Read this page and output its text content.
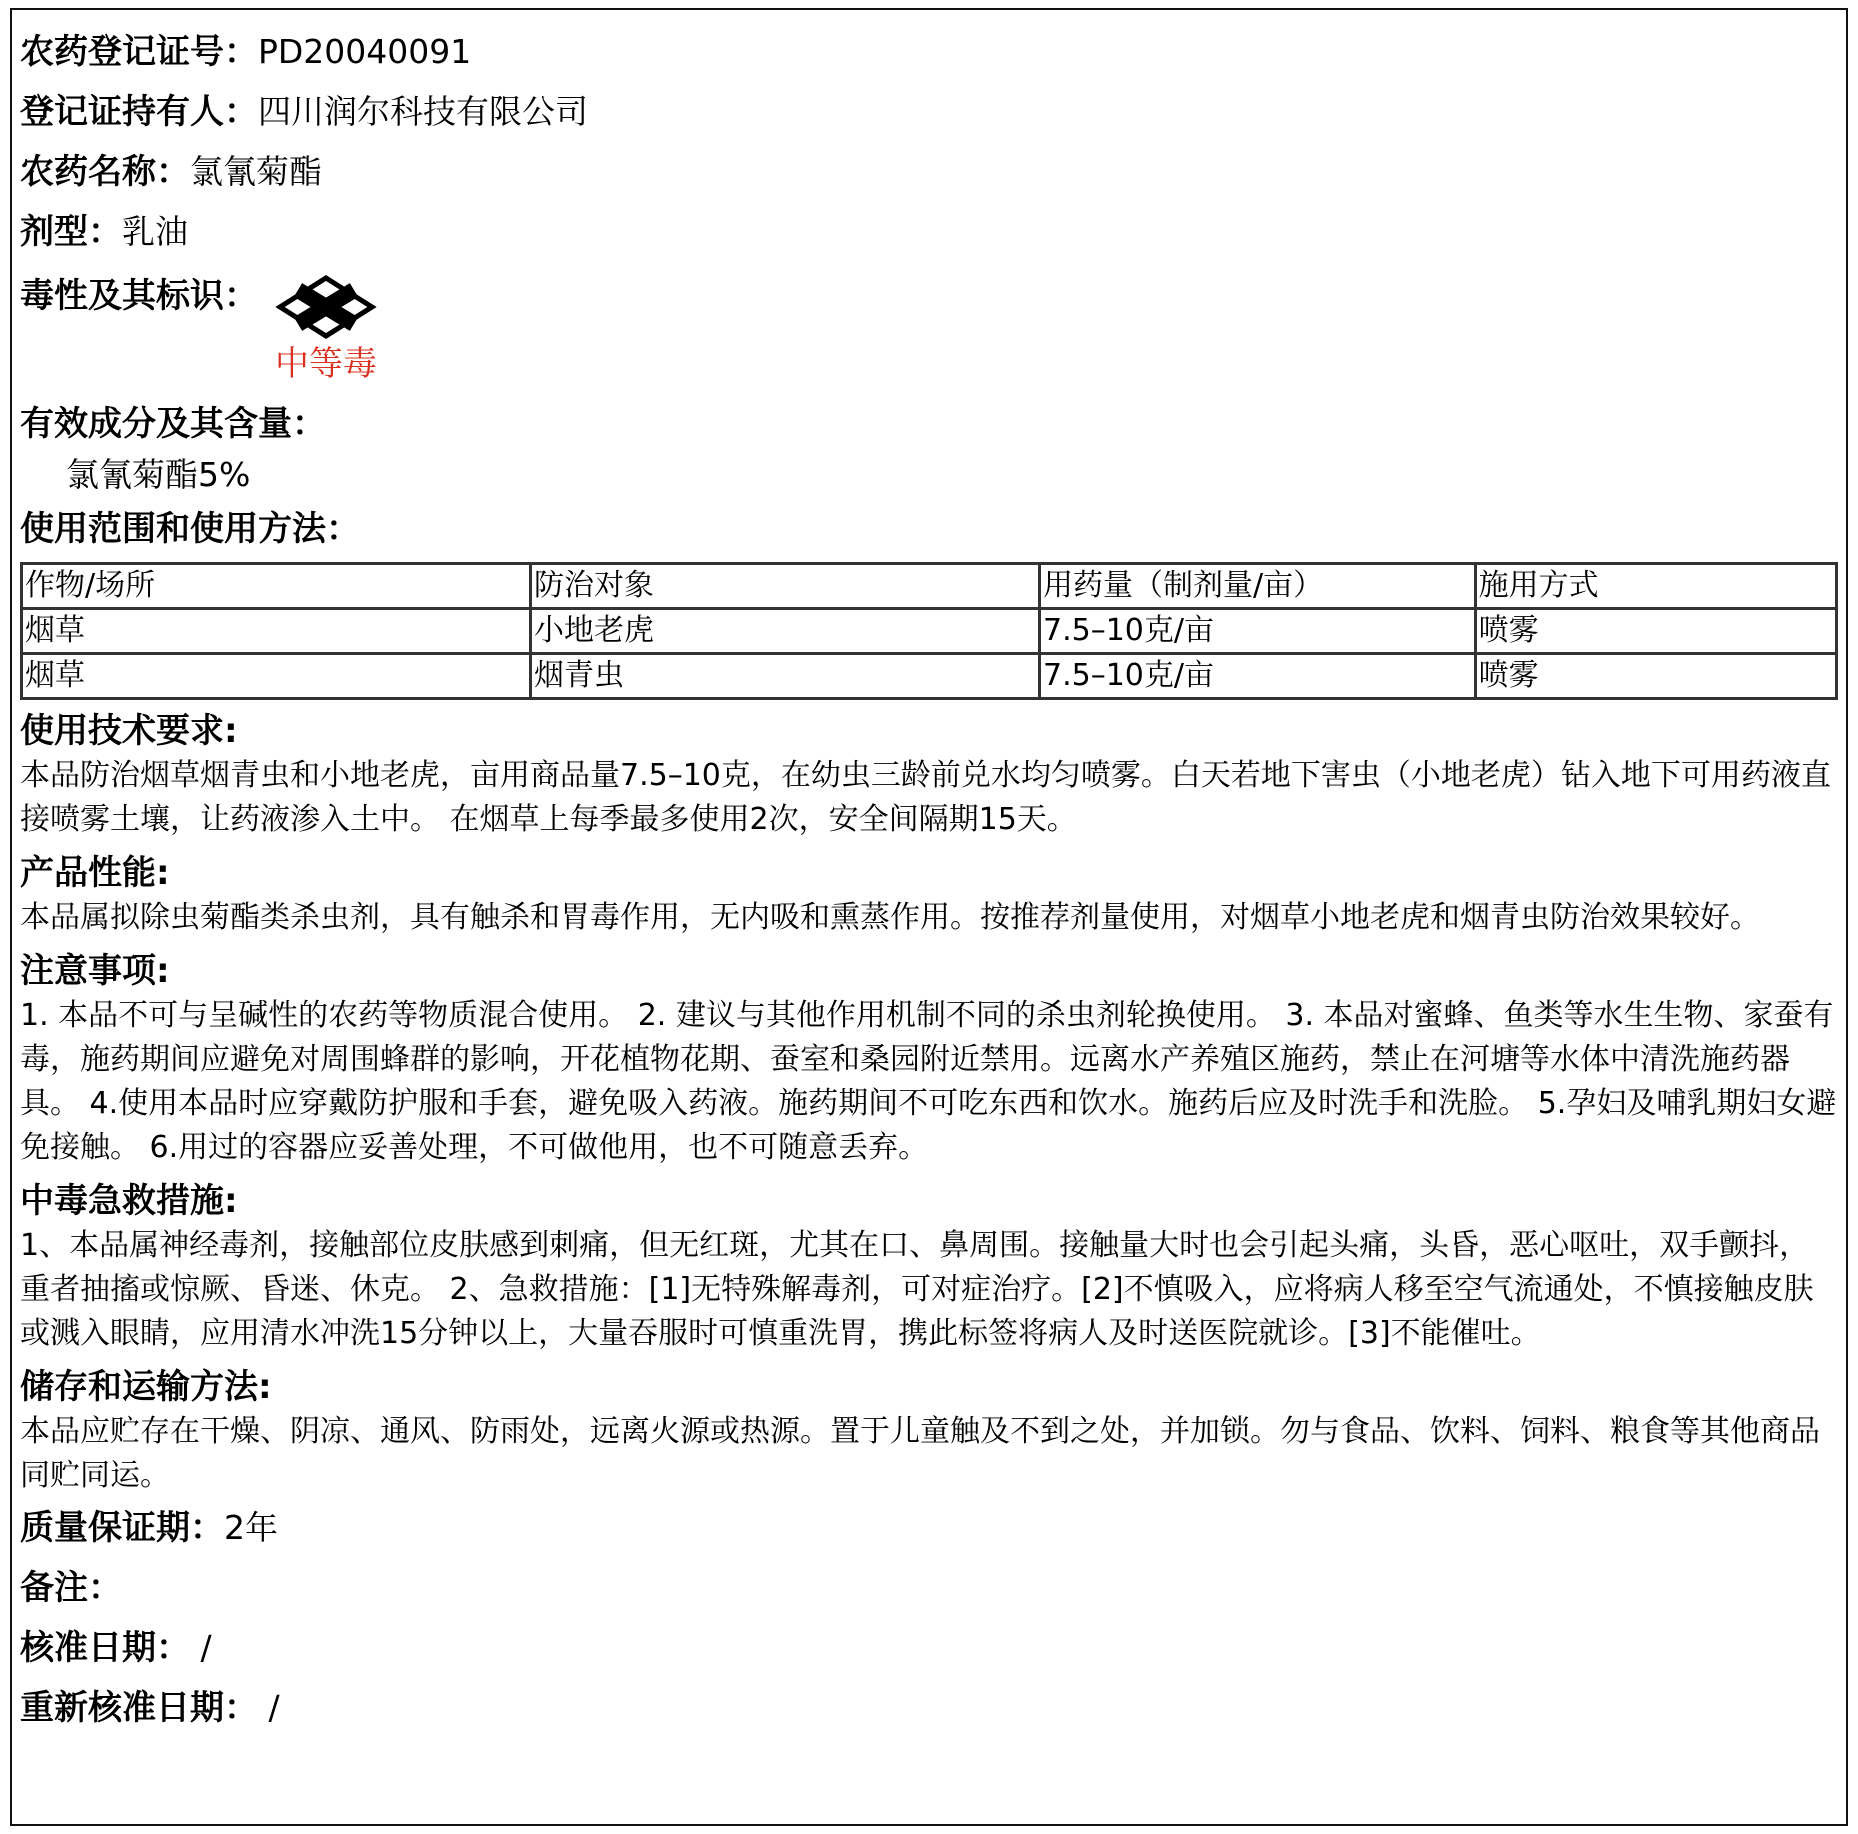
农药登记证号： PD20040091
登记证持有人： 四川润尔科技有限公司
农药名称： 氯氰菊酯
剂型： 乳油
毒性及其标识：
中等毒
有效成分及其含量：
氯氰菊酯5%
使用范围和使用方法：
作物/场所	防治对象	用药量（制剂量/亩）	施用方式
烟草	小地老虎	7.5–10克/亩	喷雾
烟草	烟青虫	7.5–10克/亩	喷雾
使用技术要求:

本品防治烟草烟青虫和小地老虎，亩用商品量7.5–10克，在幼虫三龄前兑水均匀喷雾。白天若地下害虫（小地老虎）钻入地下可用药液直接喷雾土壤，让药液渗入土中。 在烟草上每季最多使用2次，安全间隔期15天。

产品性能:

本品属拟除虫菊酯类杀虫剂，具有触杀和胃毒作用，无内吸和熏蒸作用。按推荐剂量使用，对烟草小地老虎和烟青虫防治效果较好。

注意事项:

1. 本品不可与呈碱性的农药等物质混合使用。 2. 建议与其他作用机制不同的杀虫剂轮换使用。 3. 本品对蜜蜂、鱼类等水生生物、家蚕有毒，施药期间应避免对周围蜂群的影响，开花植物花期、蚕室和桑园附近禁用。远离水产养殖区施药，禁止在河塘等水体中清洗施药器具。 4.使用本品时应穿戴防护服和手套，避免吸入药液。施药期间不可吃东西和饮水。施药后应及时洗手和洗脸。 5.孕妇及哺乳期妇女避免接触。 6.用过的容器应妥善处理，不可做他用，也不可随意丢弃。

中毒急救措施:

1、本品属神经毒剂，接触部位皮肤感到刺痛，但无红斑，尤其在口、鼻周围。接触量大时也会引起头痛，头昏，恶心呕吐，双手颤抖，重者抽搐或惊厥、昏迷、休克。 2、急救措施：[1]无特殊解毒剂，可对症治疗。[2]不慎吸入，应将病人移至空气流通处，不慎接触皮肤或溅入眼睛，应用清水冲洗15分钟以上，大量吞服时可慎重洗胃，携此标签将病人及时送医院就诊。[3]不能催吐。

储存和运输方法:

本品应贮存在干燥、阴凉、通风、防雨处，远离火源或热源。置于儿童触及不到之处，并加锁。勿与食品、饮料、饲料、粮食等其他商品同贮同运。

质量保证期： 2年
备注：
核准日期： /
重新核准日期： /
